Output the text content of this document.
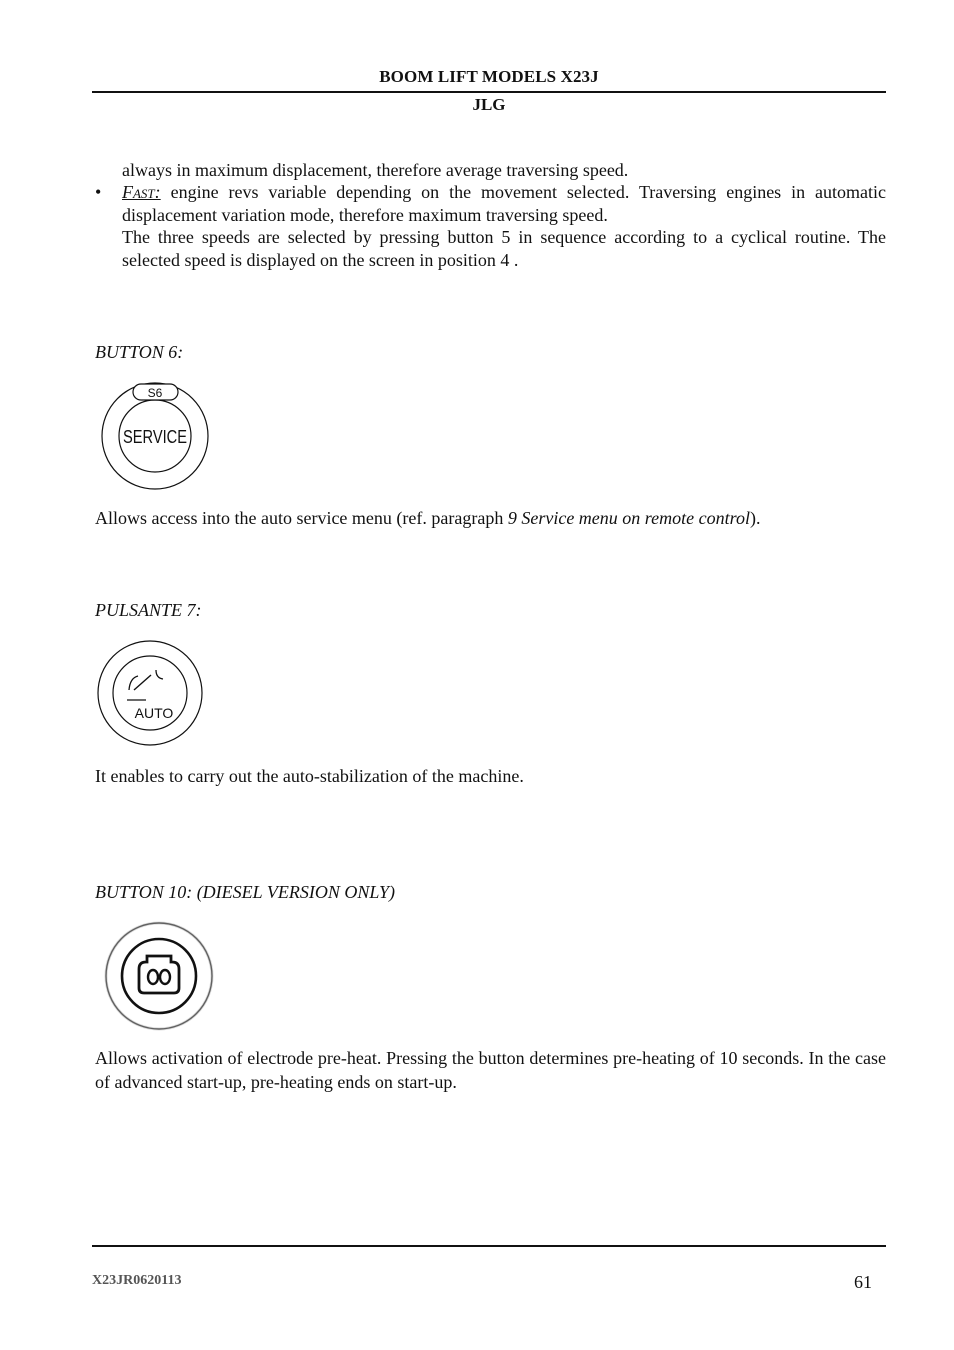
BOOM LIFT MODELS X23J
JLG
always in maximum displacement, therefore average traversing speed.
•	Fast: engine revs variable depending on the movement selected. Traversing engines in automatic displacement variation mode, therefore maximum traversing speed.
The three speeds are selected by pressing button 5 in sequence according to a cyclical routine. The selected speed is displayed on the screen in position 4 .
BUTTON 6:
S6
SERVICE
Allows access into the auto service menu (ref. paragraph 9 Service menu on remote control).
PULSANTE 7:
AUTO
It enables to carry out the auto-stabilization of the machine.
BUTTON 10: (DIESEL VERSION ONLY)
Allows activation of electrode pre-heat. Pressing the button determines pre-heating of 10 seconds. In the case of advanced start-up, pre-heating ends on start-up.
X23JR0620113	61
